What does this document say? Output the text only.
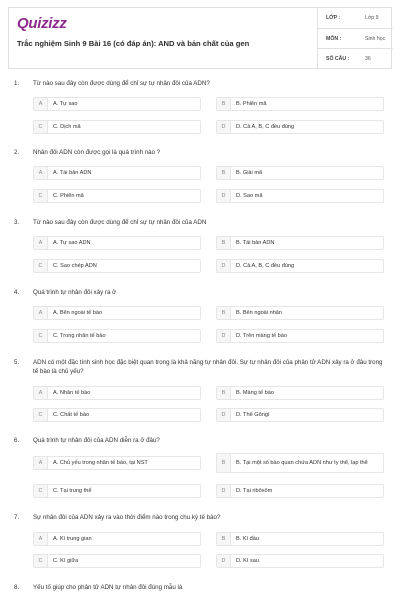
Quizizz
Trắc nghiệm Sinh 9 Bài 16 (có đáp án): AND và bản chất của gen
LỚP :	Lớp 9
MÔN :	Sinh học
SỐ CÂU :	36
1. Từ nào sau đây còn được dùng để chỉ sự tự nhân đôi của ADN?
A	A. Tự sao	B	B. Phiên mã
C	C. Dịch mã	D	D. Cả A, B, C đều đúng
2. Nhân đôi ADN còn được gọi là quá trình nào ?
A	A. Tái bản ADN	B	B. Giải mã
C	C. Phiên mã	D	D. Sao mã
3. Từ nào sau đây còn được dùng để chỉ sự tự nhân đôi của ADN
A	A. Tự sao ADN	B	B. Tái bản ADN
C	C. Sao chép ADN	D	D. Cả A, B, C đều đúng
4. Quá trình tự nhân đôi xảy ra ở
A	A. Bên ngoài tế bào	B	B. Bên ngoài nhân
C	C. Trong nhân tế bào	D	D. Trên màng tế bào
5. ADN có một đặc tính sinh học đặc biệt quan trọng là khả năng tự nhân đôi. Sự tự nhân đôi của phân tử ADN xảy ra ở đâu trong tế bào là chủ yếu?
A	A. Nhân tế bào	B	B. Màng tế bào
C	C. Chất tế bào	D	D. Thể Gôngi
6. Quá trình tự nhân đôi của ADN diễn ra ở đâu?
A	A. Chủ yếu trong nhân tế bào, tại NST	B	B. Tại một số bào quan chứa ADN như ty thể, lạp thể
C	C. Tại trung thể	D	D. Tại ribôxôm
7. Sự nhân đôi của ADN xảy ra vào thời điểm nào trong chu kỳ tế bào?
A	A. Kì trung gian	B	B. Kì đầu
C	C. Kì giữa	D	D. Kì sau
8. Yếu tố giúp cho phân tử ADN tự nhân đôi đúng mẫu là
